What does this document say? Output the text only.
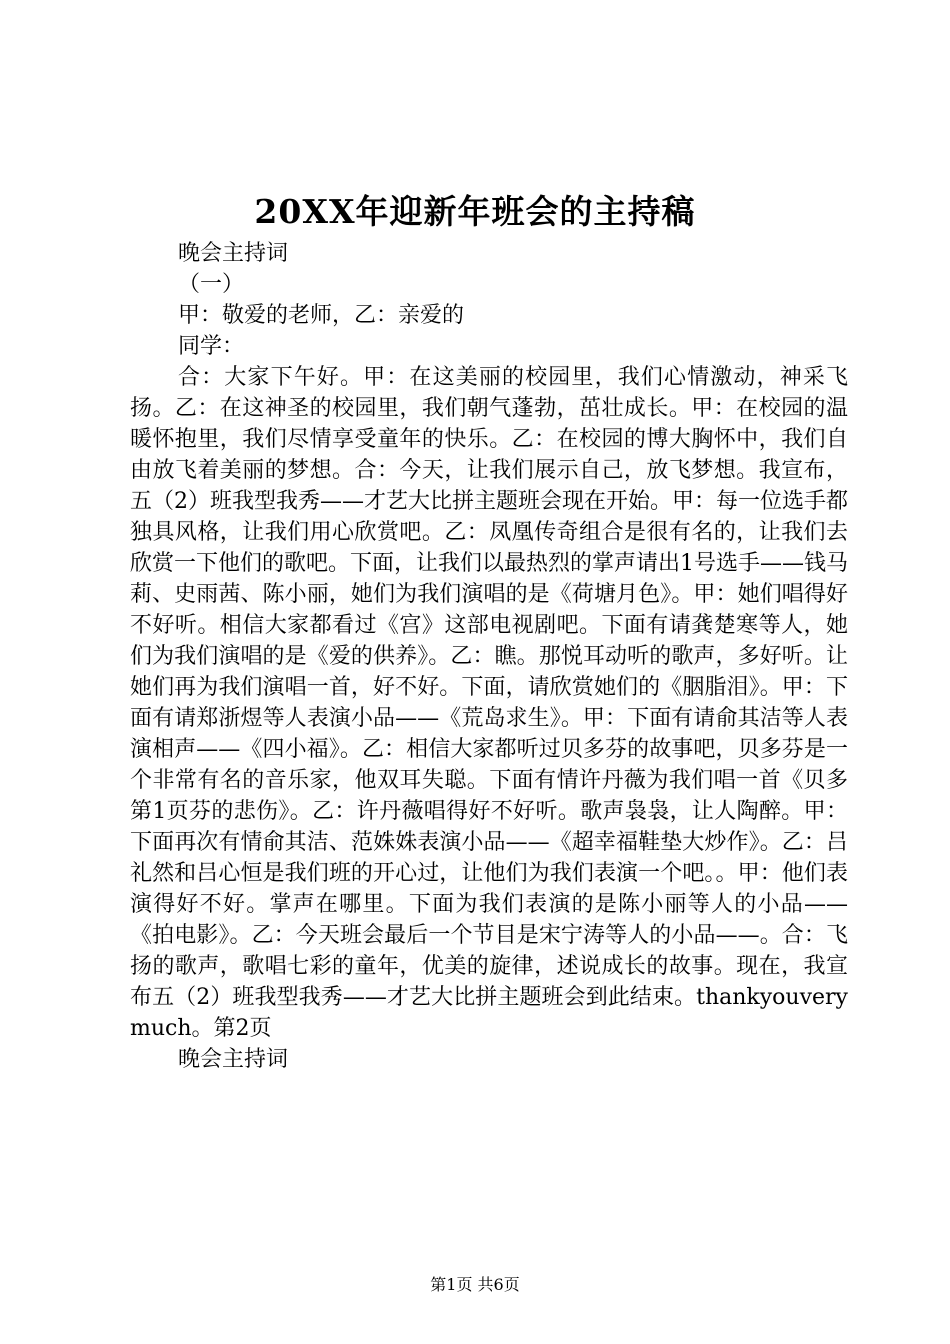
20XX年迎新年班会的主持稿

晚会主持词

（一）

甲：敬爱的老师，乙：亲爱的

同学：

合：大家下午好。甲：在这美丽的校园里，我们心情激动，神采飞扬。乙：在这神圣的校园里，我们朝气蓬勃，茁壮成长。甲：在校园的温暖怀抱里，我们尽情享受童年的快乐。乙：在校园的博大胸怀中，我们自由放飞着美丽的梦想。合：今天，让我们展示自己，放飞梦想。我宣布，五（2）班我型我秀——才艺大比拼主题班会现在开始。甲：每一位选手都独具风格，让我们用心欣赏吧。乙：凤凰传奇组合是很有名的，让我们去欣赏一下他们的歌吧。下面，让我们以最热烈的掌声请出1号选手——钱马莉、史雨茜、陈小丽，她们为我们演唱的是《荷塘月色》。甲：她们唱得好不好听。相信大家都看过《宫》这部电视剧吧。下面有请龚楚寒等人，她们为我们演唱的是《爱的供养》。乙：瞧。那悦耳动听的歌声，多好听。让她们再为我们演唱一首，好不好。下面，请欣赏她们的《胭脂泪》。甲：下面有请郑浙煜等人表演小品——《荒岛求生》。甲：下面有请俞其洁等人表演相声——《四小福》。乙：相信大家都听过贝多芬的故事吧，贝多芬是一个非常有名的音乐家，他双耳失聪。下面有情许丹薇为我们唱一首《贝多第1页芬的悲伤》。乙：许丹薇唱得好不好听。歌声袅袅，让人陶醉。甲：下面再次有情俞其洁、范姝姝表演小品——《超幸福鞋垫大炒作》。乙：吕礼然和吕心恒是我们班的开心过，让他们为我们表演一个吧。。甲：他们表演得好不好。掌声在哪里。下面为我们表演的是陈小丽等人的小品——《拍电影》。乙：今天班会最后一个节目是宋宁涛等人的小品——。合：飞扬的歌声，歌唱七彩的童年，优美的旋律，述说成长的故事。现在，我宣布五（2）班我型我秀——才艺大比拼主题班会到此结束。thankyouverymuch。第2页

晚会主持词

第1页 共6页
